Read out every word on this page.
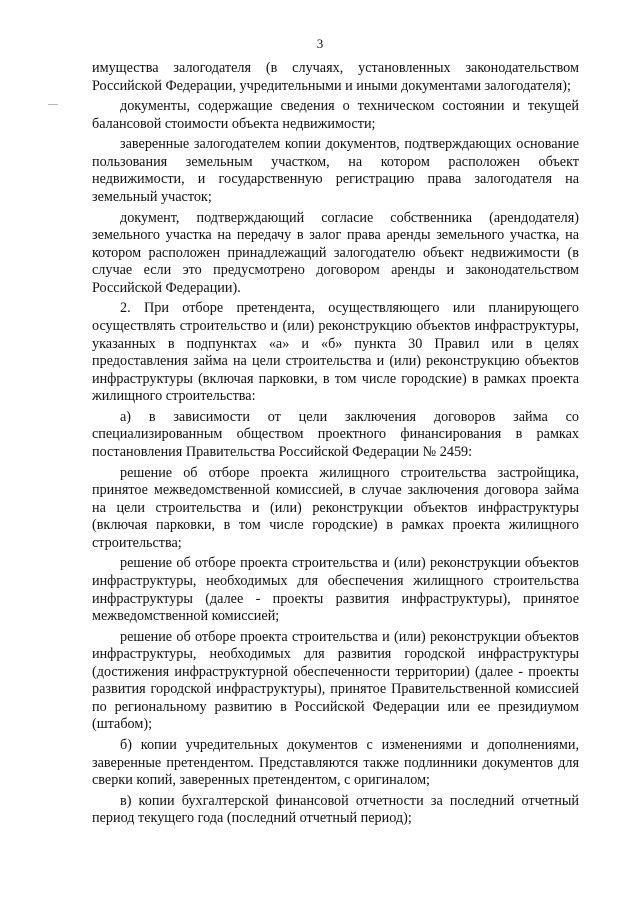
3

имущества залогодателя (в случаях, установленных законодательством Российской Федерации, учредительными и иными документами залогодателя);

документы, содержащие сведения о техническом состоянии и текущей балансовой стоимости объекта недвижимости;

заверенные залогодателем копии документов, подтверждающих основание пользования земельным участком, на котором расположен объект недвижимости, и государственную регистрацию права залогодателя на земельный участок;

документ, подтверждающий согласие собственника (арендодателя) земельного участка на передачу в залог права аренды земельного участка, на котором расположен принадлежащий залогодателю объект недвижимости (в случае если это предусмотрено договором аренды и законодательством Российской Федерации).

2. При отборе претендента, осуществляющего или планирующего осуществлять строительство и (или) реконструкцию объектов инфраструктуры, указанных в подпунктах «а» и «б» пункта 30 Правил или в целях предоставления займа на цели строительства и (или) реконструкцию объектов инфраструктуры (включая парковки, в том числе городские) в рамках проекта жилищного строительства:

а) в зависимости от цели заключения договоров займа со специализированным обществом проектного финансирования в рамках постановления Правительства Российской Федерации № 2459:

решение об отборе проекта жилищного строительства застройщика, принятое межведомственной комиссией, в случае заключения договора займа на цели строительства и (или) реконструкции объектов инфраструктуры (включая парковки, в том числе городские) в рамках проекта жилищного строительства;

решение об отборе проекта строительства и (или) реконструкции объектов инфраструктуры, необходимых для обеспечения жилищного строительства инфраструктуры (далее - проекты развития инфраструктуры), принятое межведомственной комиссией;

решение об отборе проекта строительства и (или) реконструкции объектов инфраструктуры, необходимых для развития городской инфраструктуры (достижения инфраструктурной обеспеченности территории) (далее - проекты развития городской инфраструктуры), принятое Правительственной комиссией по региональному развитию в Российской Федерации или ее президиумом (штабом);

б) копии учредительных документов с изменениями и дополнениями, заверенные претендентом. Представляются также подлинники документов для сверки копий, заверенных претендентом, с оригиналом;

в) копии бухгалтерской финансовой отчетности за последний отчетный период текущего года (последний отчетный период);
